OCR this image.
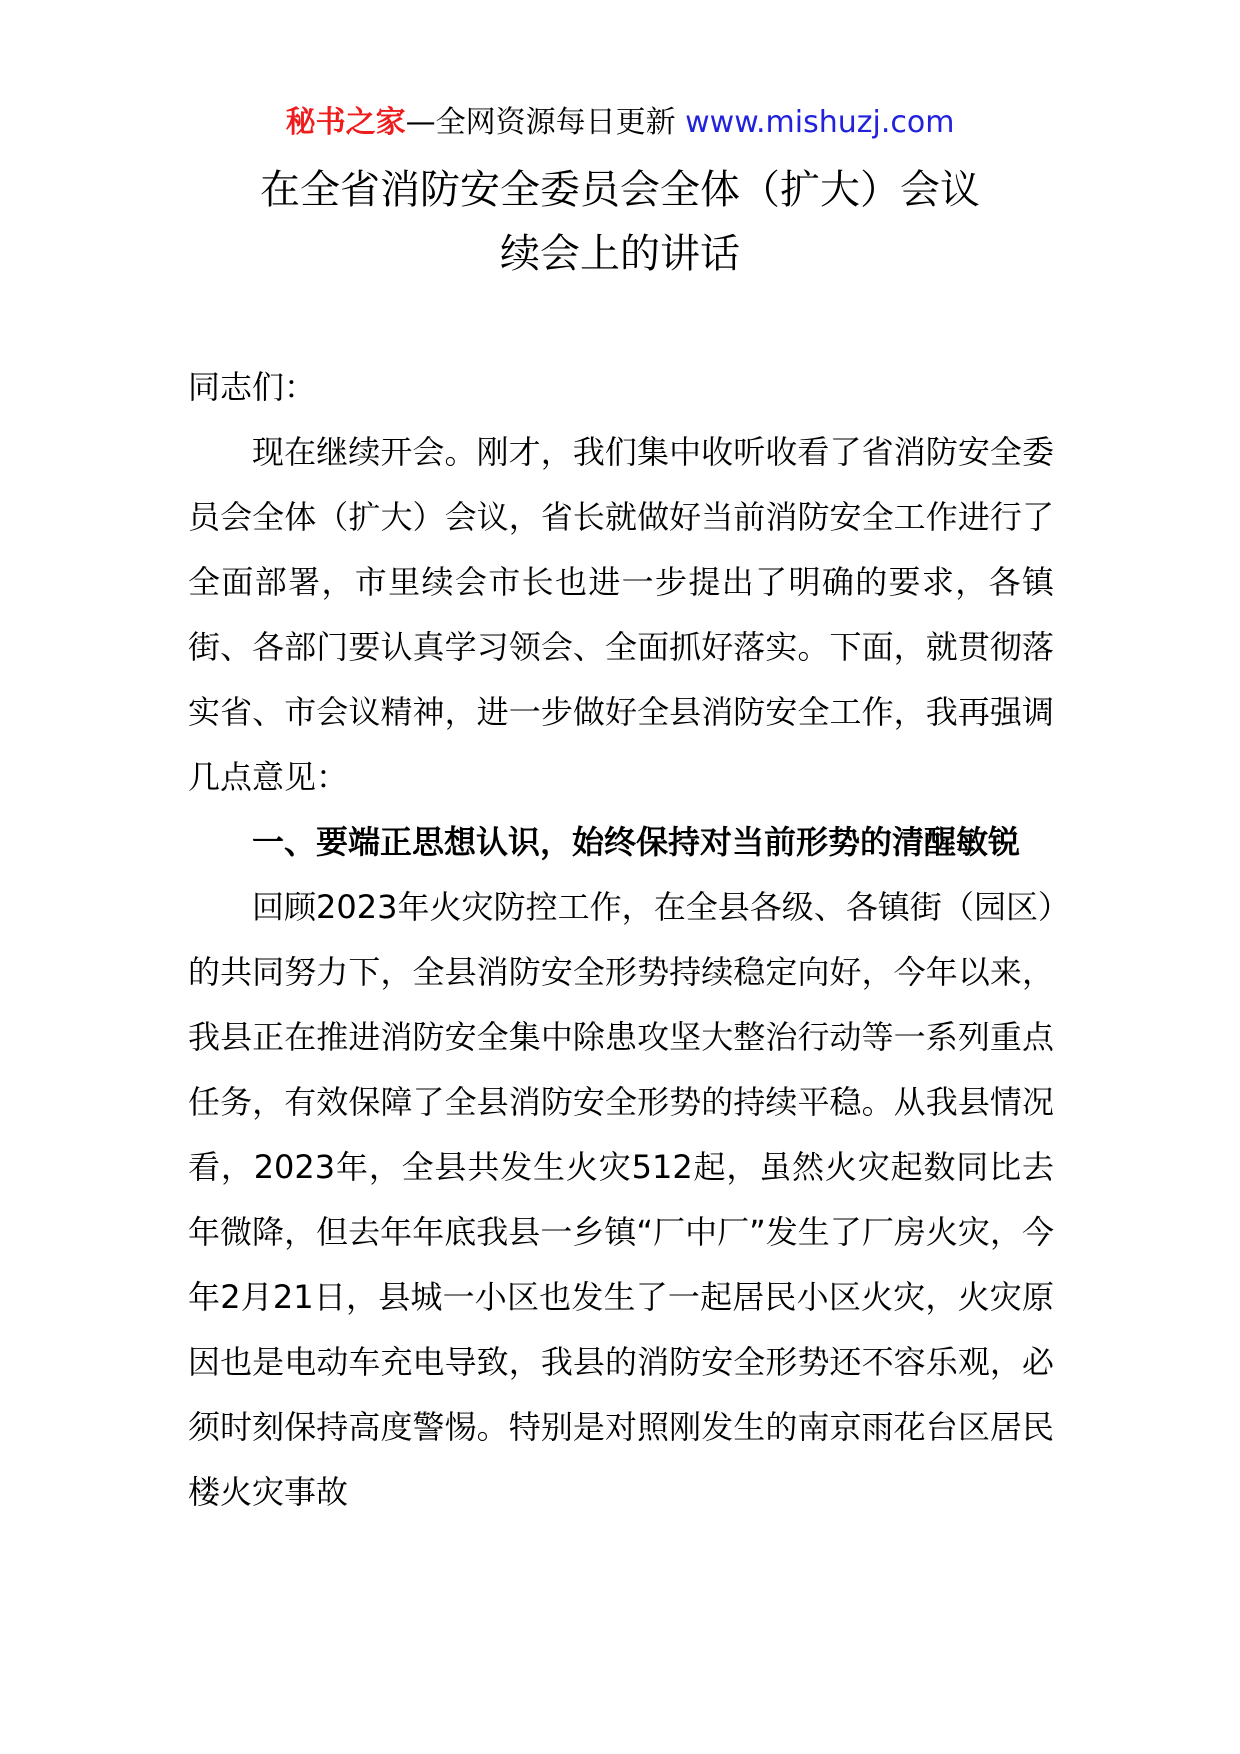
秘书之家—全网资源每日更新 www.mishuzj.com
在全省消防安全委员会全体（扩大）会议
续会上的讲话

同志们：

现在继续开会。刚才，我们集中收听收看了省消防安全委员会全体（扩大）会议，省长就做好当前消防安全工作进行了全面部署，市里续会市长也进一步提出了明确的要求，各镇街、各部门要认真学习领会、全面抓好落实。下面，就贯彻落实省、市会议精神，进一步做好全县消防安全工作，我再强调几点意见：

一、要端正思想认识，始终保持对当前形势的清醒敏锐

回顾2023年火灾防控工作，在全县各级、各镇街（园区）的共同努力下，全县消防安全形势持续稳定向好，今年以来，我县正在推进消防安全集中除患攻坚大整治行动等一系列重点任务，有效保障了全县消防安全形势的持续平稳。从我县情况看，2023年，全县共发生火灾512起，虽然火灾起数同比去年微降，但去年年底我县一乡镇“厂中厂”发生了厂房火灾，今年2月21日，县城一小区也发生了一起居民小区火灾，火灾原因也是电动车充电导致，我县的消防安全形势还不容乐观，必须时刻保持高度警惕。特别是对照刚发生的南京雨花台区居民楼火灾事故
